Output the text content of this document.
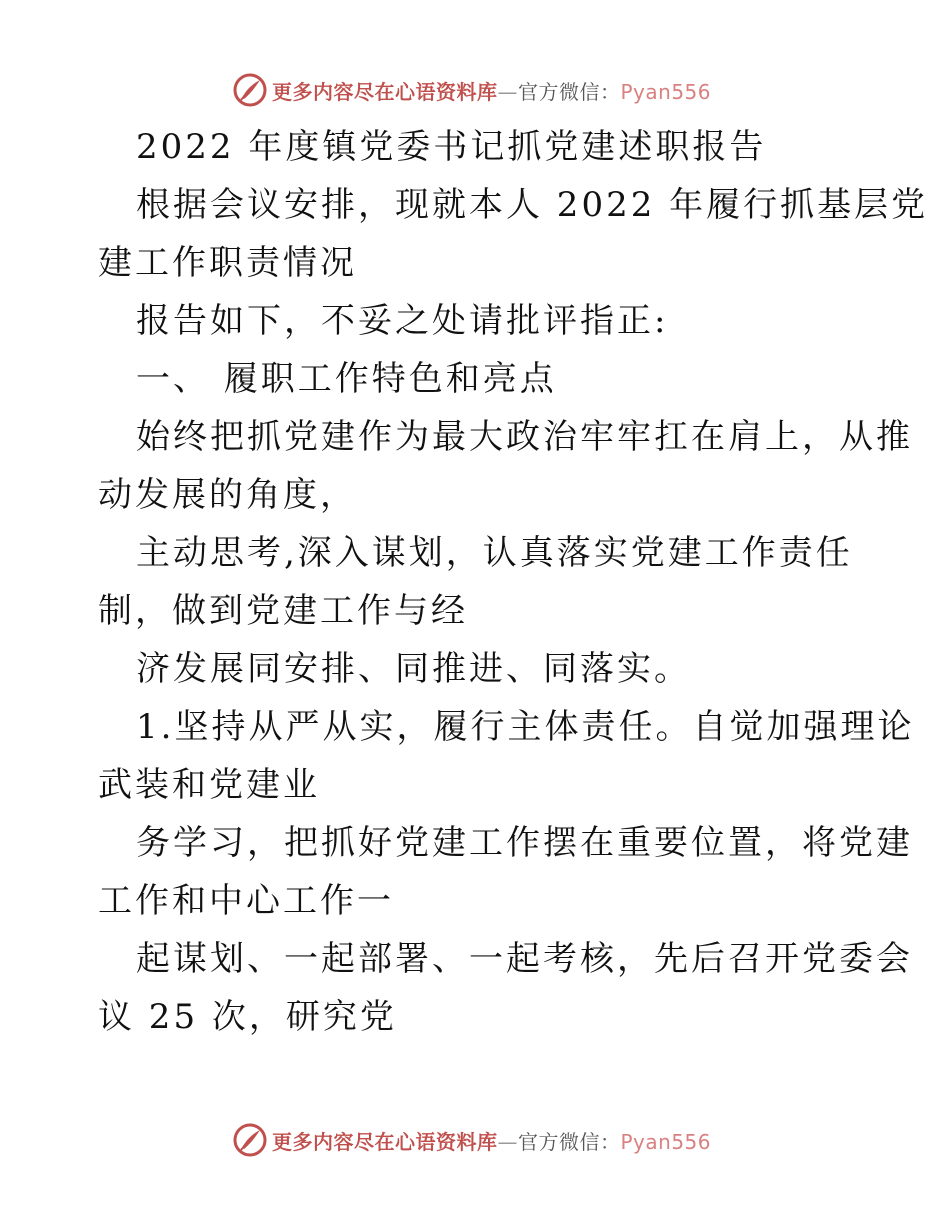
更多内容尽在心语资料库—官方微信：Pyan556
2022 年度镇党委书记抓党建述职报告
根据会议安排，现就本人 2022 年履行抓基层党
建工作职责情况
报告如下，不妥之处请批评指正:
一、 履职工作特色和亮点
始终把抓党建作为最大政治牢牢扛在肩上，从推
动发展的角度，
主动思考,深入谋划，认真落实党建工作责任
制，做到党建工作与经
济发展同安排、同推进、同落实。
1.坚持从严从实，履行主体责任。自觉加强理论
武装和党建业
务学习，把抓好党建工作摆在重要位置，将党建
工作和中心工作一
起谋划、一起部署、一起考核，先后召开党委会
议 25 次，研究党
更多内容尽在心语资料库—官方微信：Pyan556
